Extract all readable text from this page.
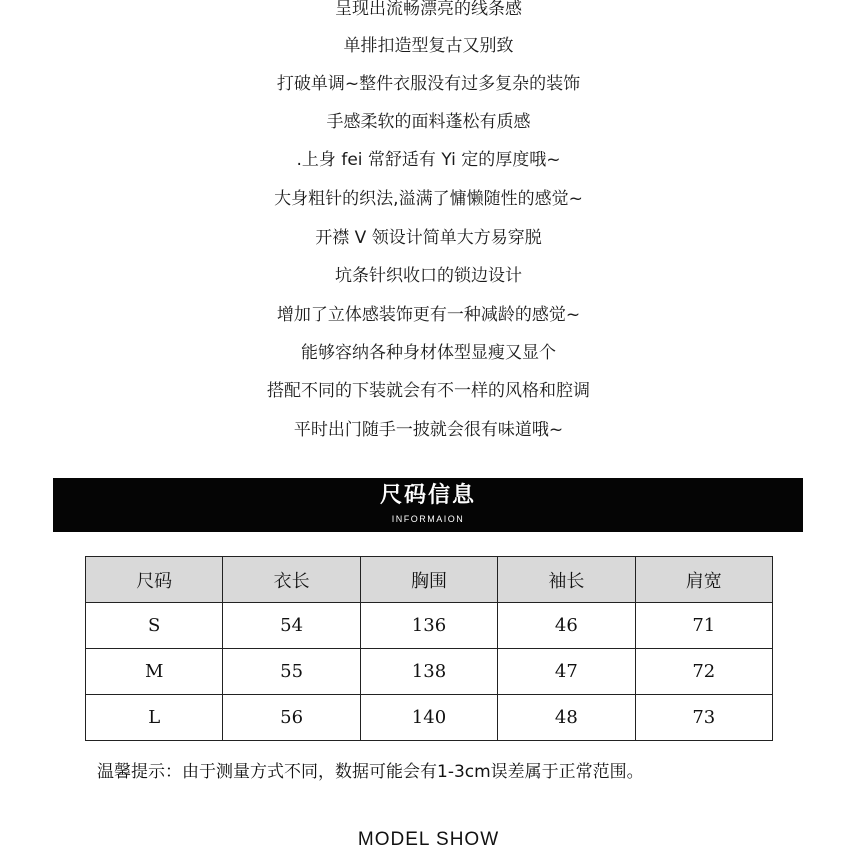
呈现出流畅漂亮的线条感
单排扣造型复古又别致
打破单调~整件衣服没有过多复杂的装饰
手感柔软的面料蓬松有质感
.上身 fei 常舒适有 Yi 定的厚度哦~
大身粗针的织法,溢满了慵懒随性的感觉~
开襟 V 领设计简单大方易穿脱
坑条针织收口的锁边设计
增加了立体感装饰更有一种减龄的感觉~
能够容纳各种身材体型显瘦又显个
搭配不同的下装就会有不一样的风格和腔调
平时出门随手一披就会很有味道哦~
尺码信息
INFORMAION
尺码	衣长	胸围	袖长	肩宽
S	54	136	46	71
M	55	138	47	72
L	56	140	48	73
温馨提示：由于测量方式不同，数据可能会有1-3cm误差属于正常范围。
MODEL SHOW
